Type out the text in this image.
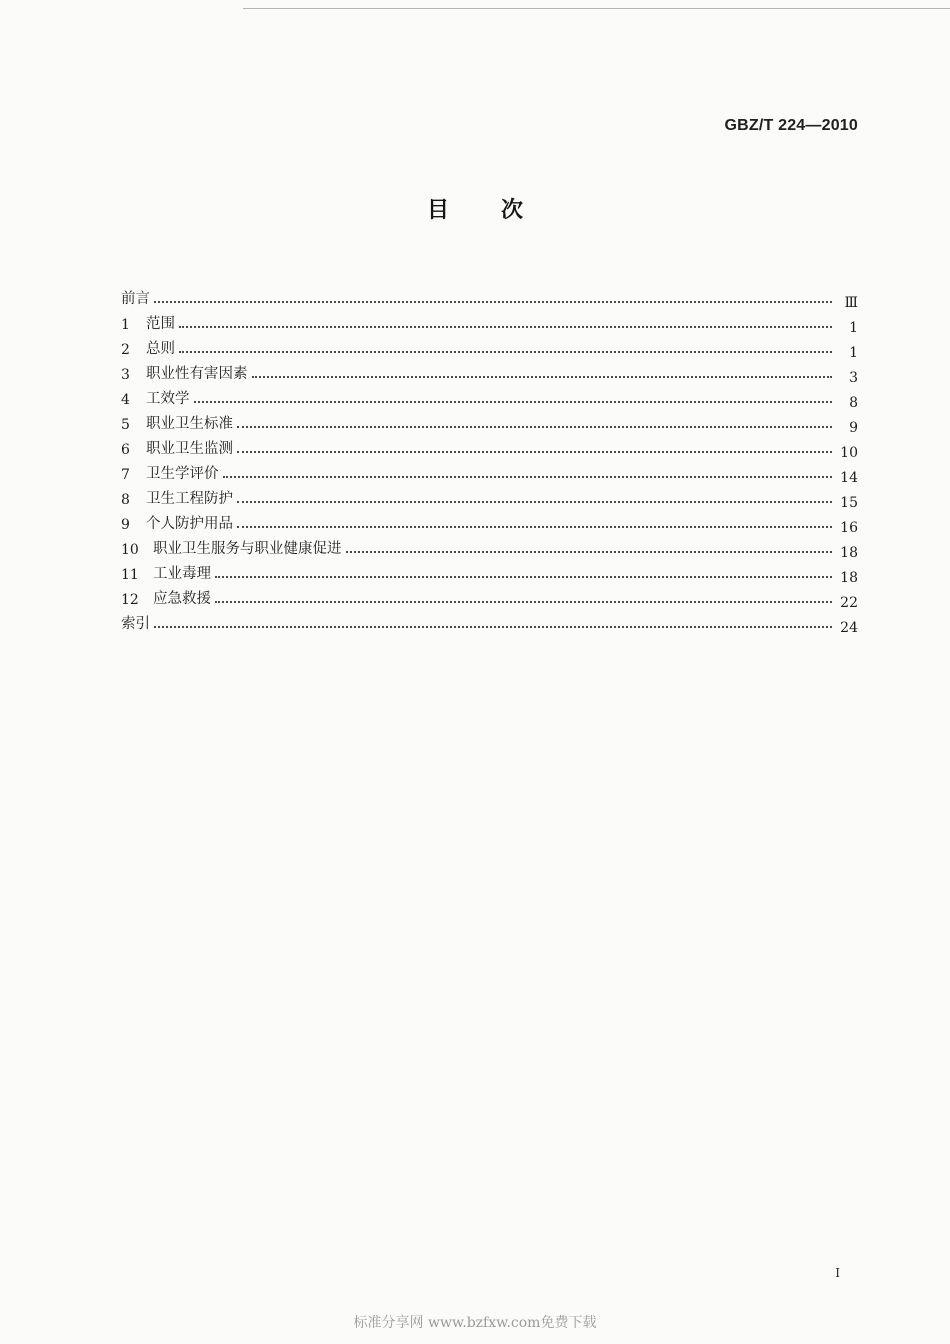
GBZ/T 224—2010
目次
前言	Ⅲ
1	范围	1
2	总则	1
3	职业性有害因素	3
4	工效学	8
5	职业卫生标准	9
6	职业卫生监测	10
7	卫生学评价	14
8	卫生工程防护	15
9	个人防护用品	16
10 职业卫生服务与职业健康促进	18
11 工业毒理	18
12 应急救援	22
索引	24
I
标准分享网 www.bzfxw.com免费下载
